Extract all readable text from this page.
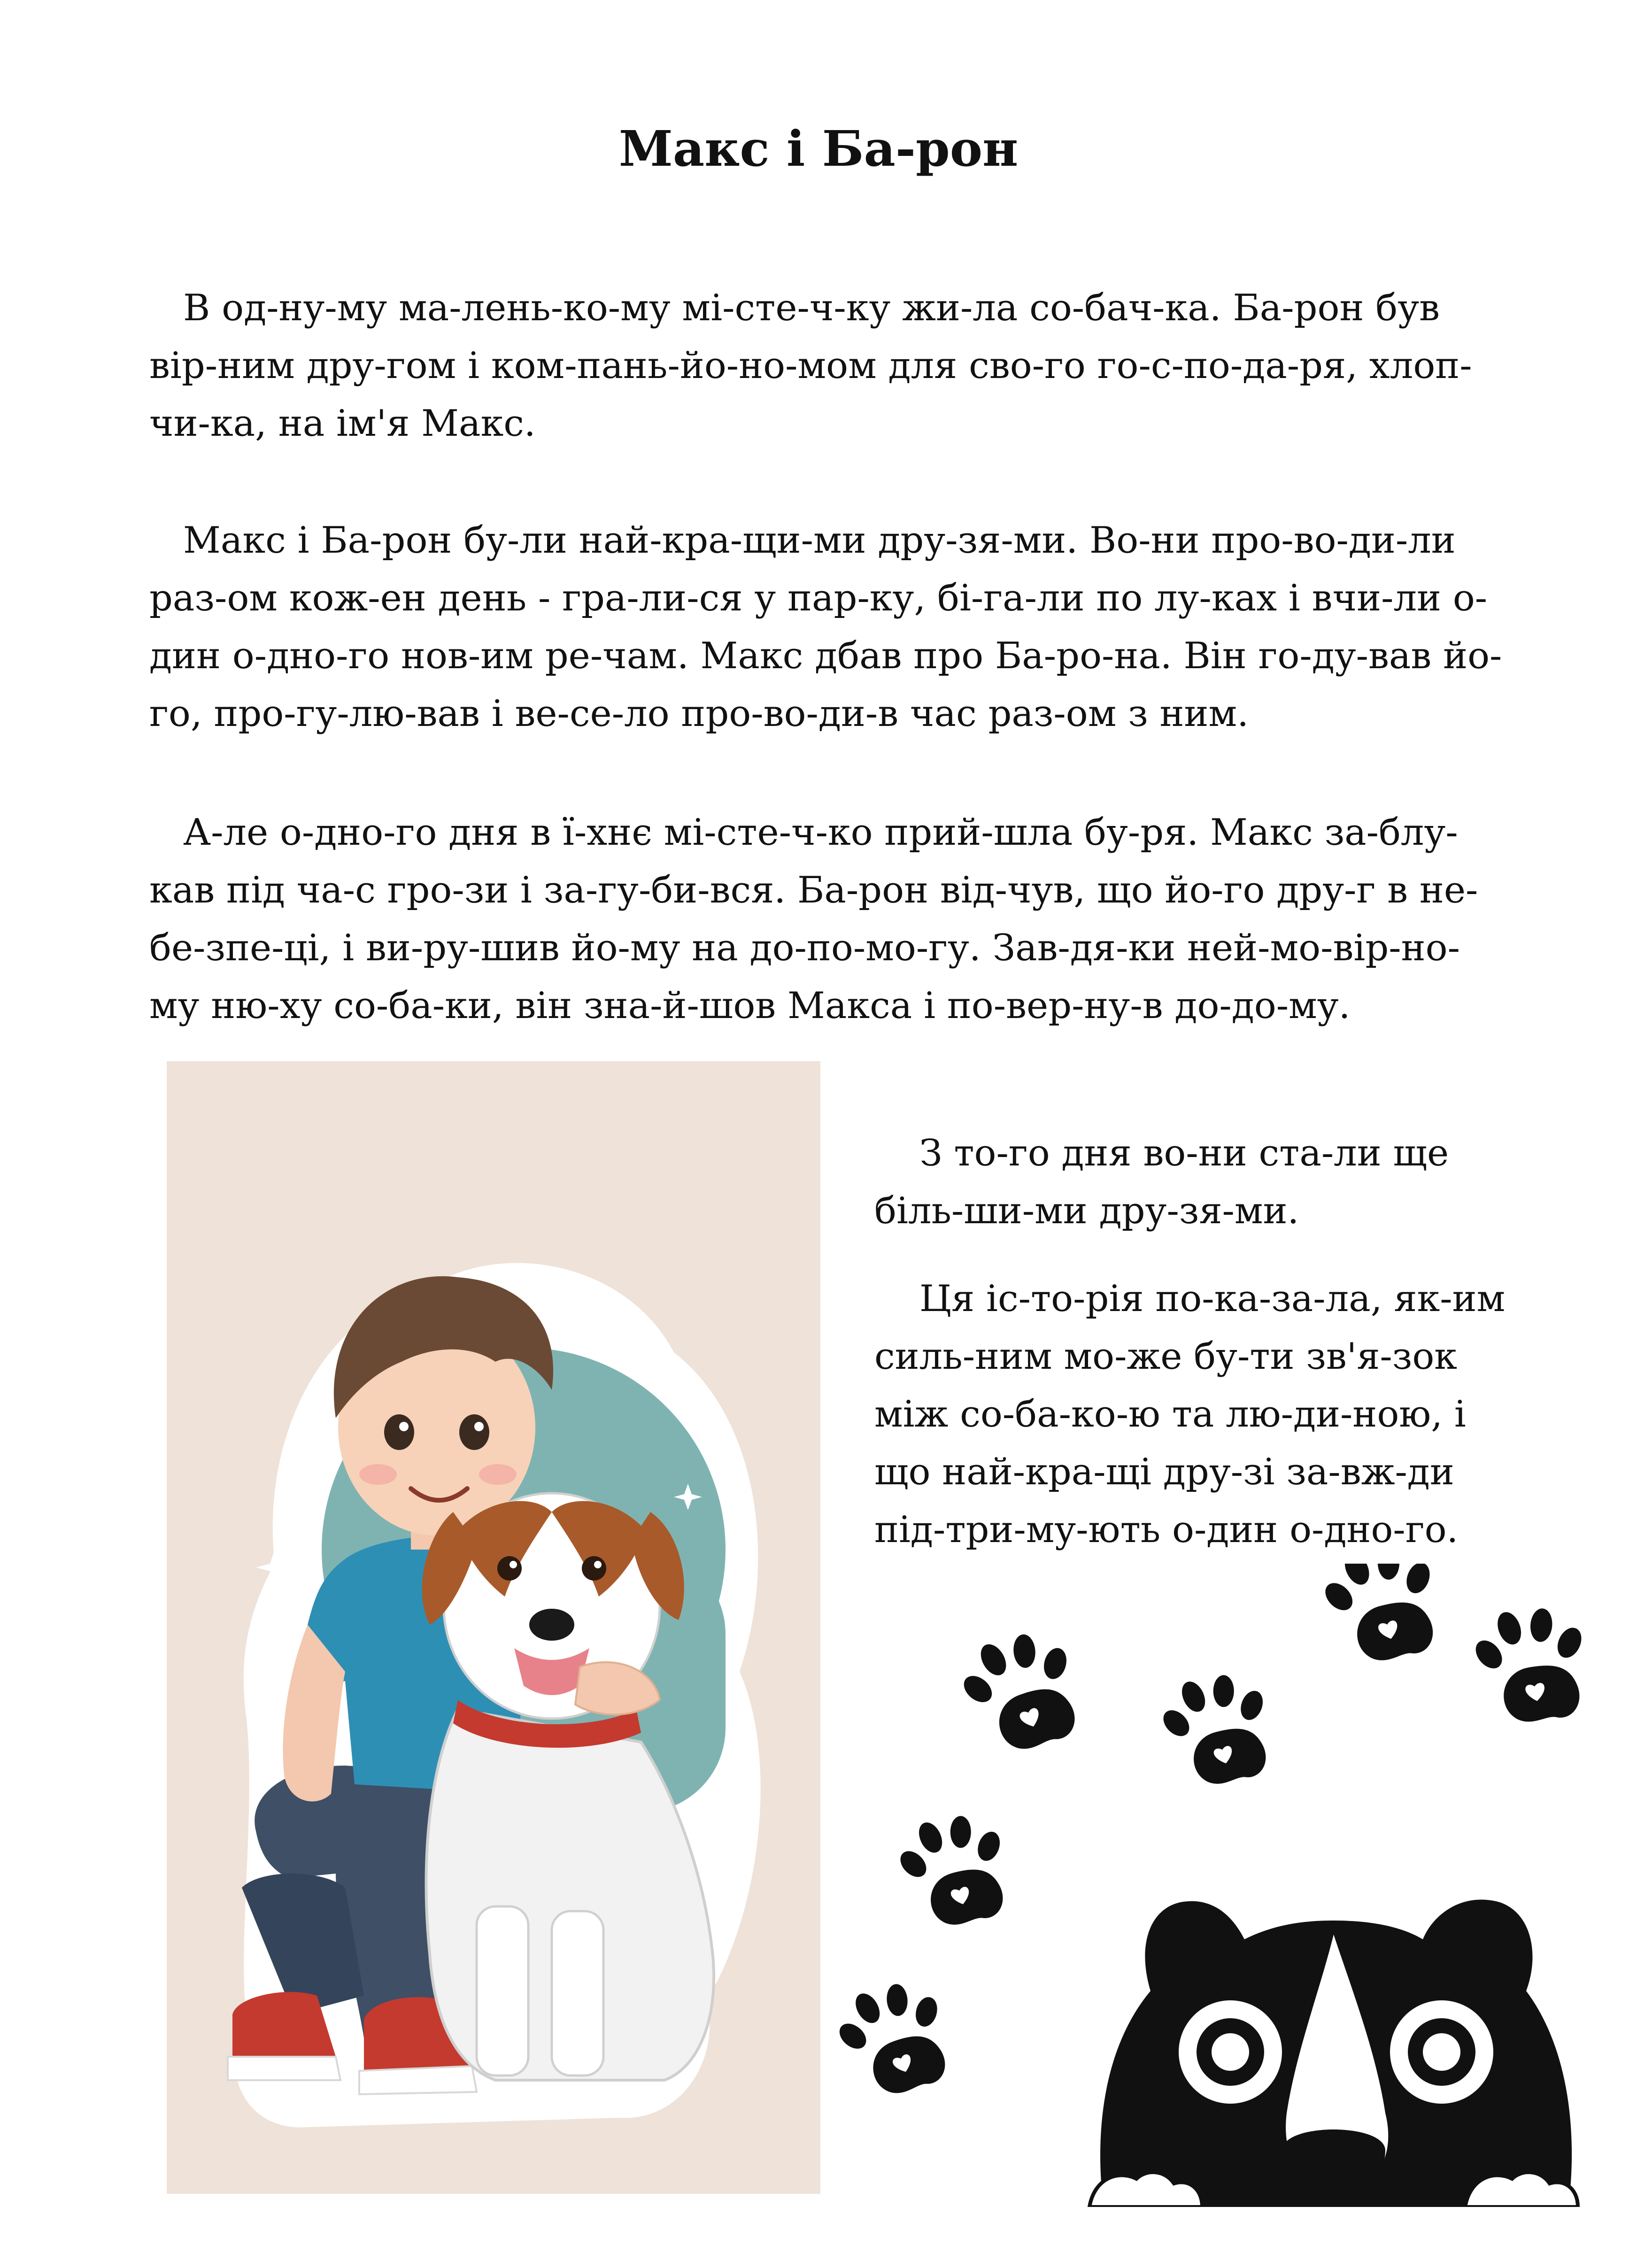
Макс і Ба-рон

В од-ну-му ма-лень-ко-му мі-сте-ч-ку жи-ла со-бач-ка. Ба-рон був
вір-ним дру-гом і ком-пань-йо-но-мом для сво-го го-с-по-да-ря, хлоп-
чи-ка, на ім'я Макс.

Макс і Ба-рон бу-ли най-кра-щи-ми дру-зя-ми. Во-ни про-во-ди-ли
раз-ом кож-ен день - гра-ли-ся у пар-ку, бі-га-ли по лу-ках і вчи-ли о-
дин о-дно-го нов-им ре-чам. Макс дбав про Ба-ро-на. Він го-ду-вав йо-
го, про-гу-лю-вав і ве-се-ло про-во-ди-в час раз-ом з ним.

А-ле о-дно-го дня в ї-хнє мі-сте-ч-ко прий-шла бу-ря. Макс за-блу-
кав під ча-с гро-зи і за-гу-би-вся. Ба-рон від-чув, що йо-го дру-г в не-
бе-зпе-ці, і ви-ру-шив йо-му на до-по-мо-гу. Зав-дя-ки ней-мо-вір-но-
му ню-ху со-ба-ки, він зна-й-шов Макса і по-вер-ну-в до-до-му.

З то-го дня во-ни ста-ли ще
біль-ши-ми дру-зя-ми.

Ця іс-то-рія по-ка-за-ла, як-им
силь-ним мо-же бу-ти зв'я-зок
між со-ба-ко-ю та лю-ди-ною, і
що най-кра-щі дру-зі за-вж-ди
під-три-му-ють о-дин о-дно-го.
